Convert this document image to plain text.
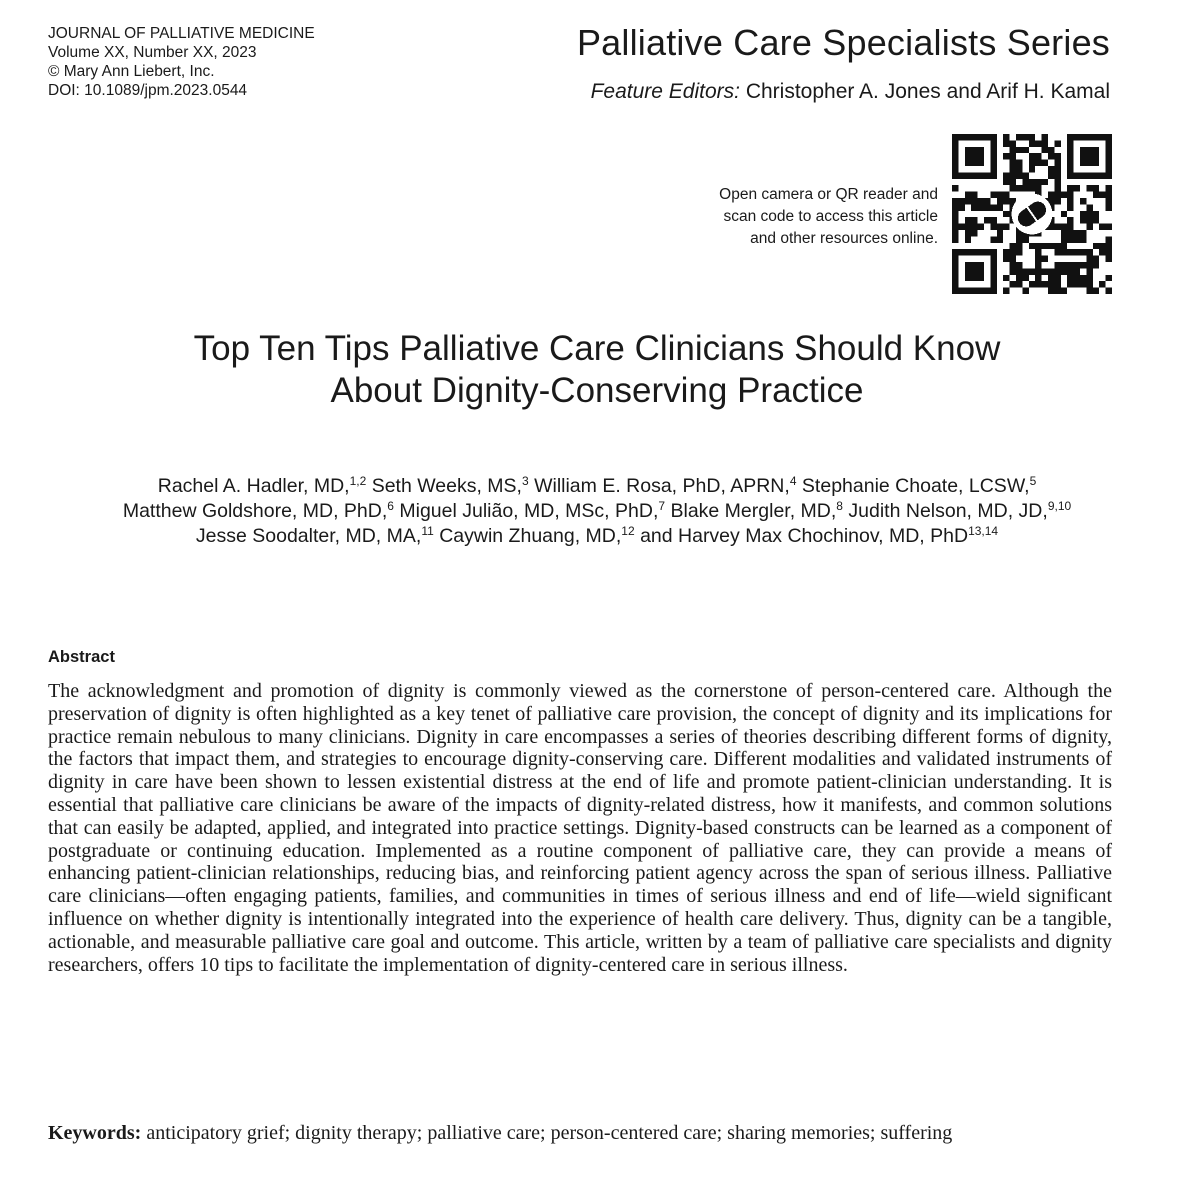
JOURNAL OF PALLIATIVE MEDICINE
Volume XX, Number XX, 2023
© Mary Ann Liebert, Inc.
DOI: 10.1089/jpm.2023.0544
Palliative Care Specialists Series
Feature Editors: Christopher A. Jones and Arif H. Kamal
Open camera or QR reader and
scan code to access this article
and other resources online.
Top Ten Tips Palliative Care Clinicians Should Know
About Dignity-Conserving Practice
Rachel A. Hadler, MD,$^{1,2}$ Seth Weeks, MS,$^3$ William E. Rosa, PhD, APRN,$^4$ Stephanie Choate, LCSW,$^5$
Matthew Goldshore, MD, PhD,$^6$ Miguel Julião, MD, MSc, PhD,$^7$ Blake Mergler, MD,$^8$ Judith Nelson, MD, JD,$^{9,10}$
Jesse Soodalter, MD, MA,$^{11}$ Caywin Zhuang, MD,$^{12}$ and Harvey Max Chochinov, MD, PhD$^{13,14}$
Abstract

The acknowledgment and promotion of dignity is commonly viewed as the cornerstone of person-centered care. Although the preservation of dignity is often highlighted as a key tenet of palliative care provision, the concept of dignity and its implications for practice remain nebulous to many clinicians. Dignity in care encompasses a series of theories describing different forms of dignity, the factors that impact them, and strategies to encourage dignity-conserving care. Different modalities and validated instruments of dignity in care have been shown to lessen existential distress at the end of life and promote patient-clinician understanding. It is essential that palliative care clinicians be aware of the impacts of dignity-related distress, how it manifests, and common solutions that can easily be adapted, applied, and integrated into practice settings. Dignity-based constructs can be learned as a component of postgraduate or continuing education. Implemented as a routine component of palliative care, they can provide a means of enhancing patient-clinician relationships, reducing bias, and reinforcing patient agency across the span of serious illness. Palliative care clinicians—often engaging patients, families, and communities in times of serious illness and end of life—wield significant influence on whether dignity is intentionally integrated into the experience of health care delivery. Thus, dignity can be a tangible, actionable, and measurable palliative care goal and outcome. This article, written by a team of palliative care specialists and dignity researchers, offers 10 tips to facilitate the implementation of dignity-centered care in serious illness.

Keywords: anticipatory grief; dignity therapy; palliative care; person-centered care; sharing memories; suffering
